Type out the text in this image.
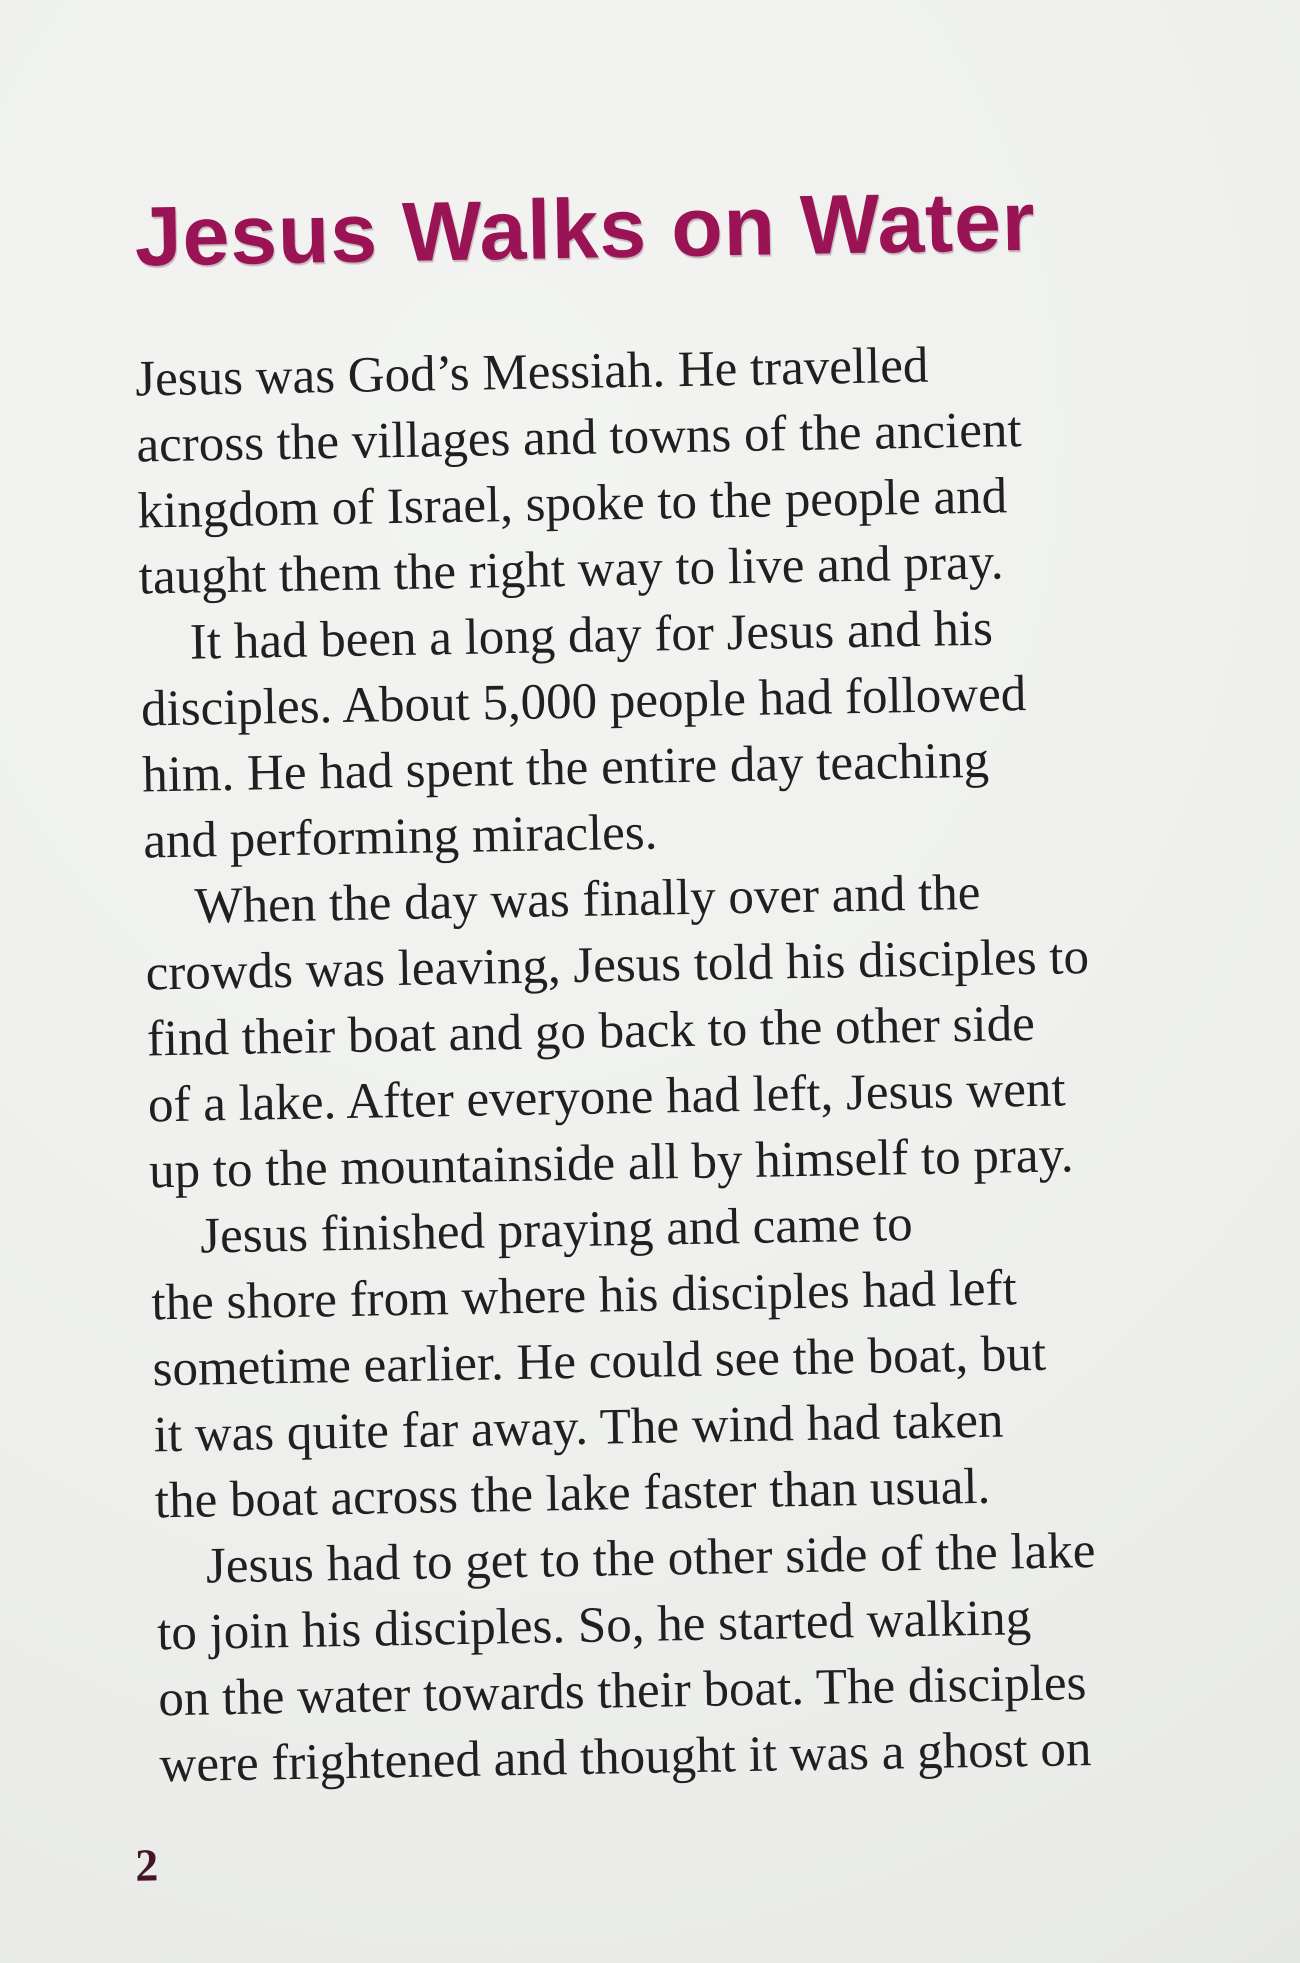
Jesus Walks on Water
Jesus was God’s Messiah. He travelled
across the villages and towns of the ancient
kingdom of Israel, spoke to the people and
taught them the right way to live and pray.
It had been a long day for Jesus and his
disciples. About 5,000 people had followed
him. He had spent the entire day teaching
and performing miracles.
When the day was finally over and the
crowds was leaving, Jesus told his disciples to
find their boat and go back to the other side
of a lake. After everyone had left, Jesus went
up to the mountainside all by himself to pray.
Jesus finished praying and came to
the shore from where his disciples had left
sometime earlier. He could see the boat, but
it was quite far away. The wind had taken
the boat across the lake faster than usual.
Jesus had to get to the other side of the lake
to join his disciples. So, he started walking
on the water towards their boat. The disciples
were frightened and thought it was a ghost on
2
